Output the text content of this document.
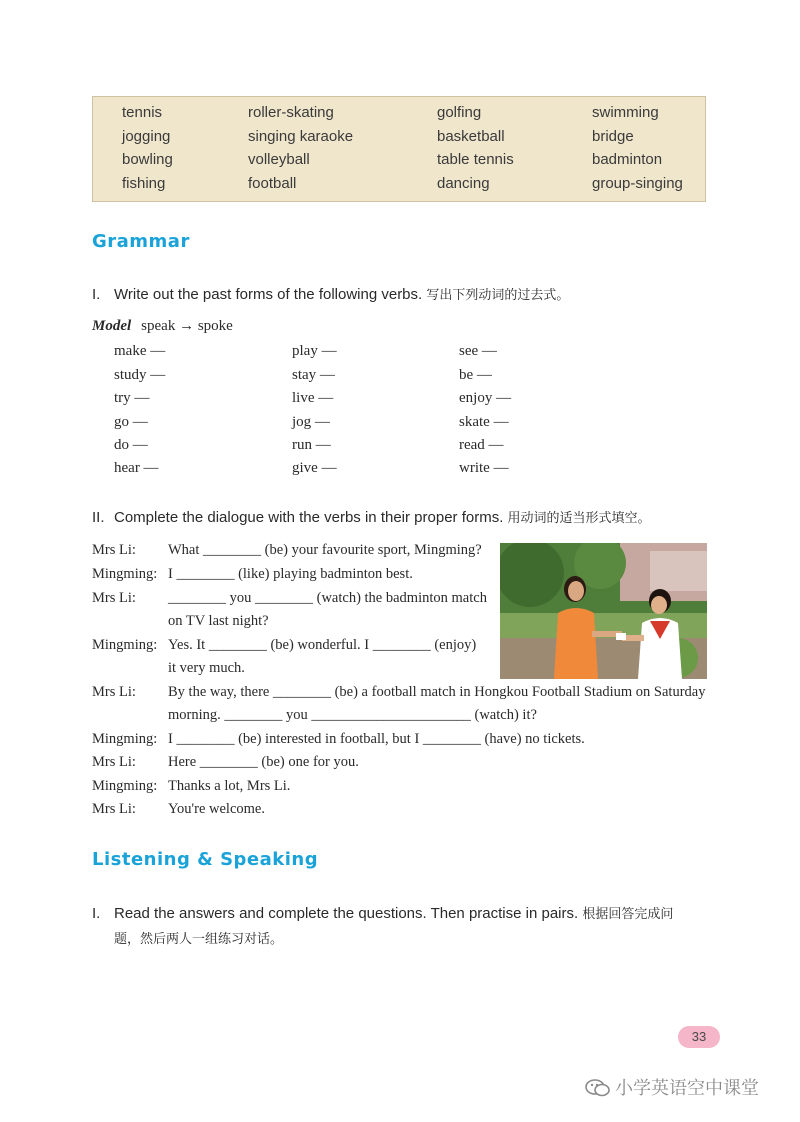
tennis	roller-skating	golfing	swimming
jogging	singing karaoke	basketball	bridge
bowling	volleyball	table tennis	badminton
fishing	football	dancing	group-singing
Grammar
I. Write out the past forms of the following verbs. 写出下列动词的过去式。
Model speak → spoke
make —	play —	see —
study —	stay —	be —
try —	live —	enjoy —
go —	jog —	skate —
do —	run —	read —
hear —	give —	write —
II. Complete the dialogue with the verbs in their proper forms. 用动词的适当形式填空。
Mrs Li: What ________ (be) your favourite sport, Mingming?
Mingming: I ________ (like) playing badminton best.
Mrs Li: ________ you ________ (watch) the badminton match
on TV last night?
Mingming: Yes. It ________ (be) wonderful. I ________ (enjoy)
it very much.
Mrs Li: By the way, there ________ (be) a football match in Hongkou Football Stadium on Saturday
morning. ________ you ______________________ (watch) it?
Mingming: I ________ (be) interested in football, but I ________ (have) no tickets.
Mrs Li: Here ________ (be) one for you.
Mingming: Thanks a lot, Mrs Li.
Mrs Li: You're welcome.
Listening & Speaking
I. Read the answers and complete the questions. Then practise in pairs. 根据回答完成问
题，然后两人一组练习对话。
33
小学英语空中课堂
